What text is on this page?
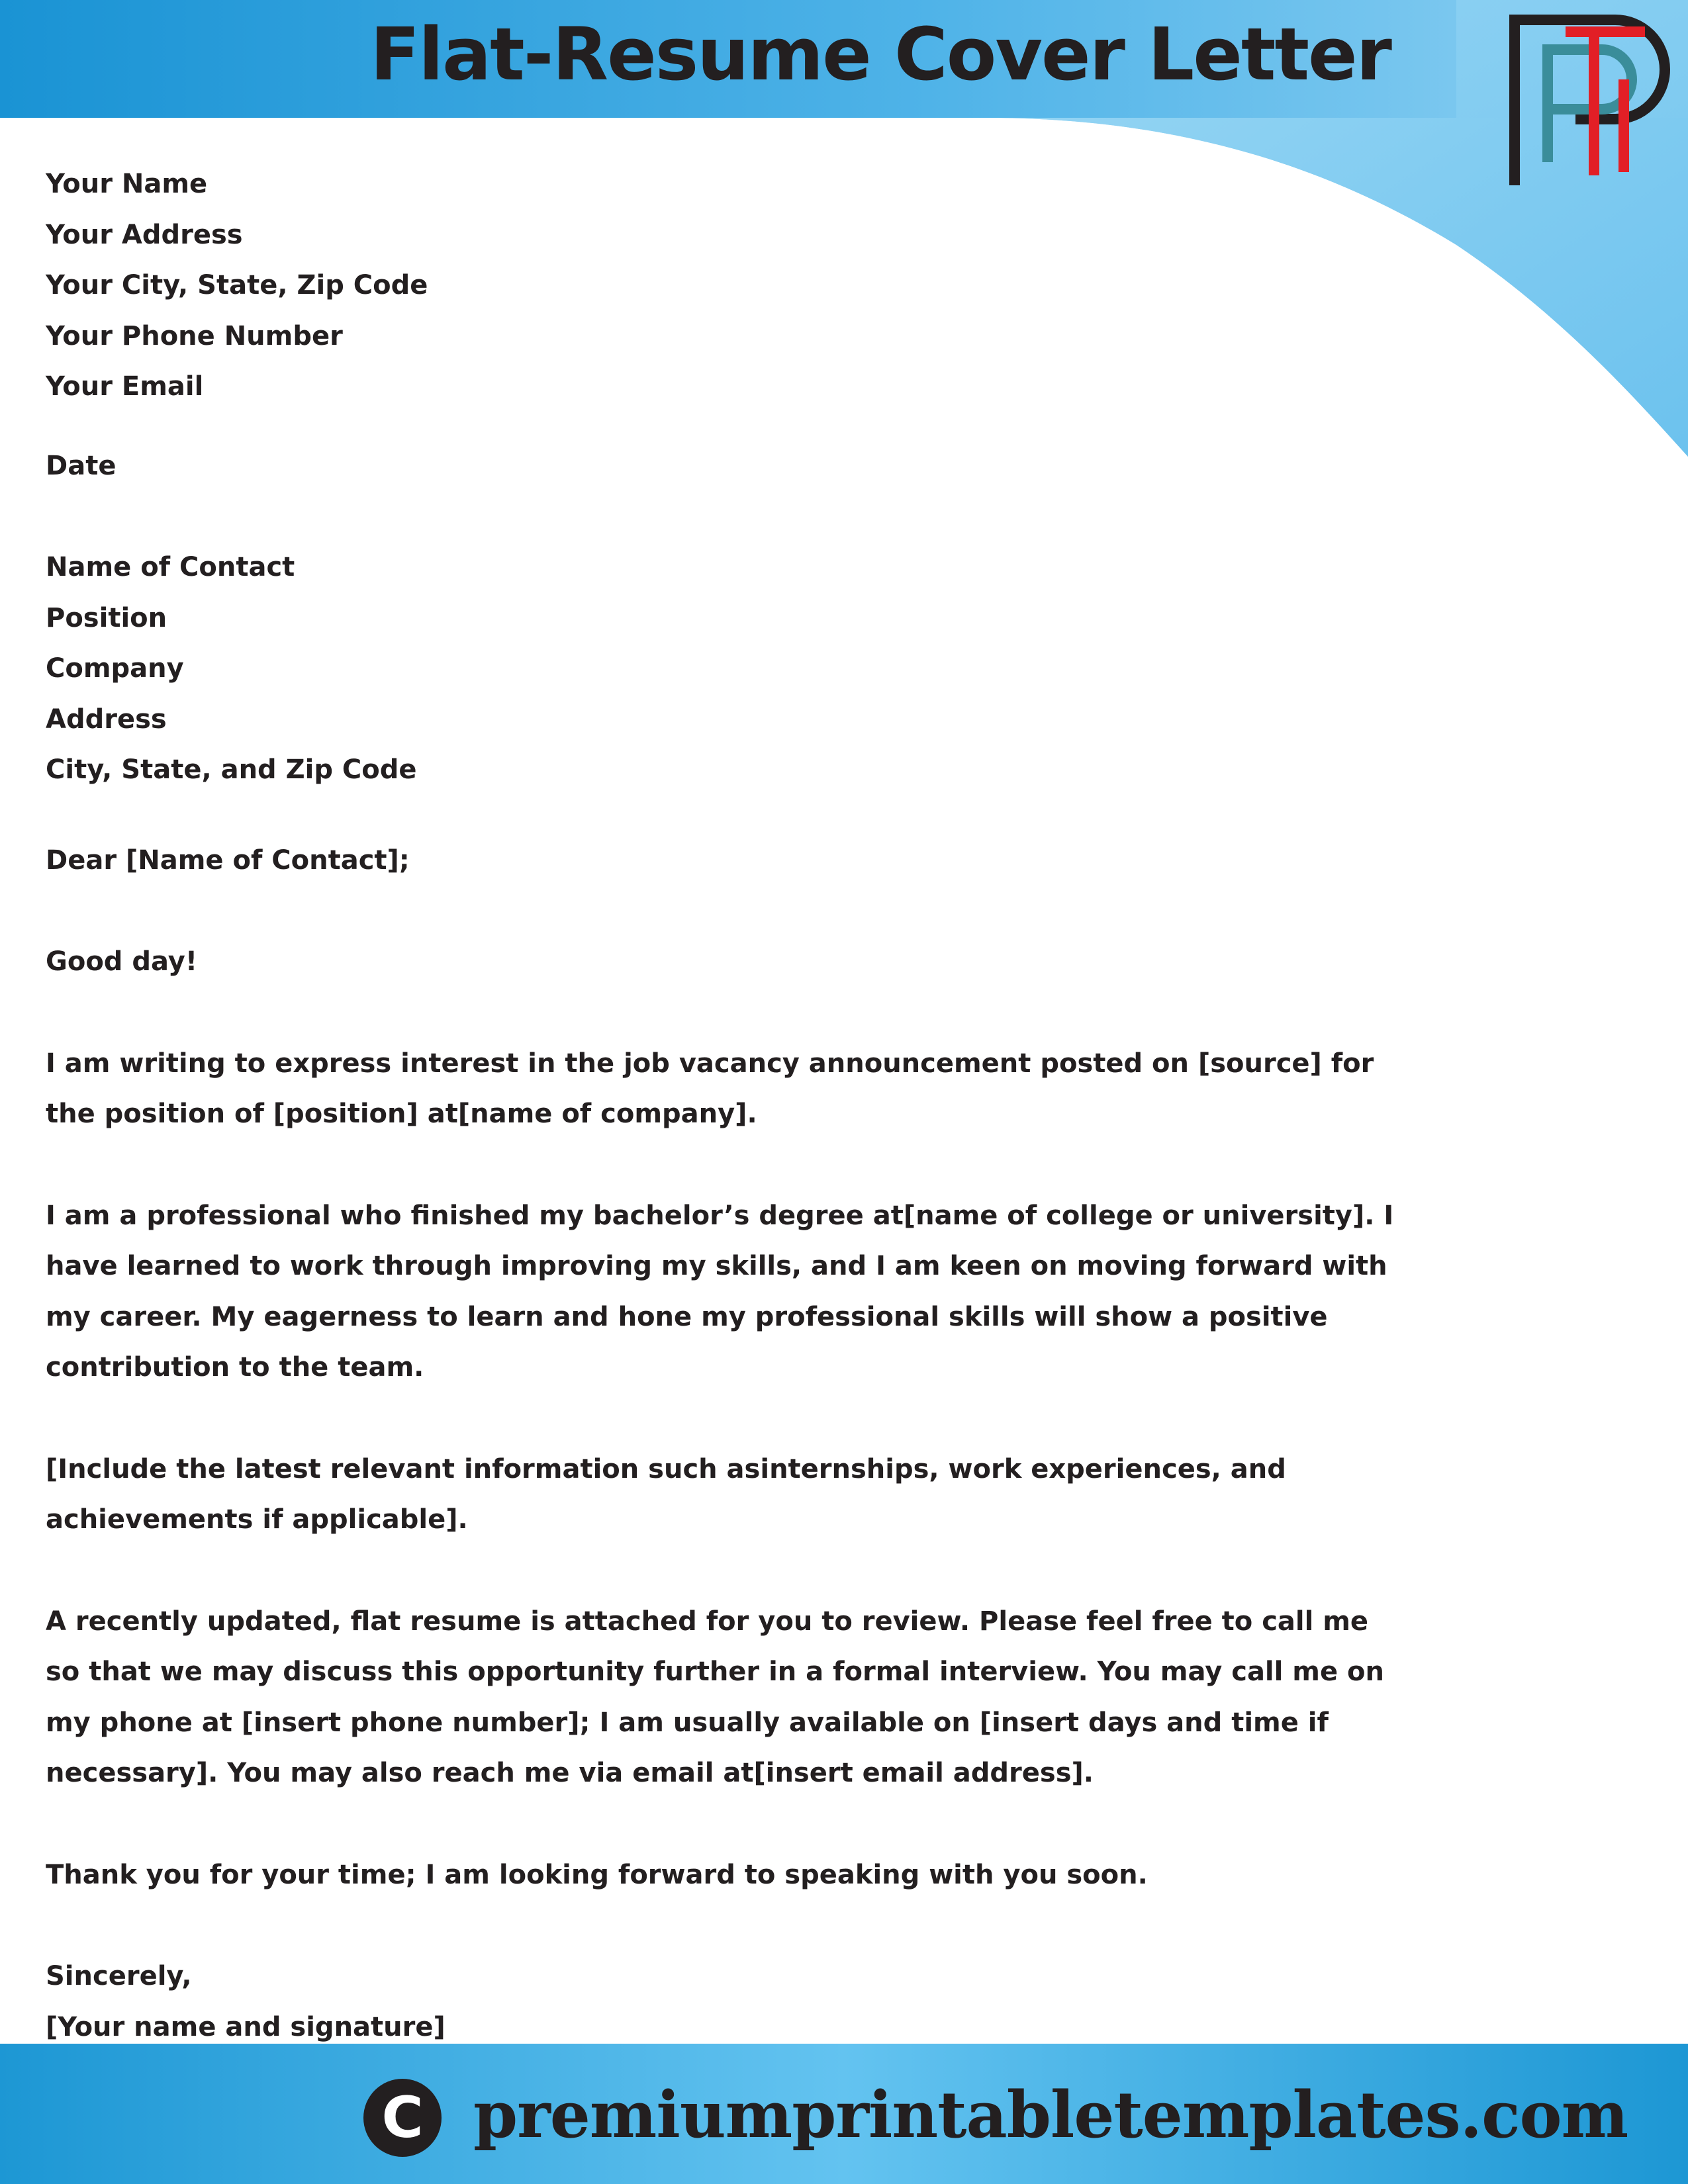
Flat-Resume Cover Letter

Your Name

Your Address

Your City, State, Zip Code

Your Phone Number

Your Email

Date

Name of Contact

Position

Company

Address

City, State, and Zip Code

Dear [Name of Contact];

Good day!

I am writing to express interest in the job vacancy announcement posted on [source] for the position of [position] at[name of company].

I am a professional who finished my bachelor’s degree at[name of college or university]. I have learned to work through improving my skills, and I am keen on moving forward with my career. My eagerness to learn and hone my professional skills will show a positive contribution to the team.

[Include the latest relevant information such asinternships, work experiences, and achievements if applicable].

A recently updated, flat resume is attached for you to review. Please feel free to call me so that we may discuss this opportunity further in a formal interview. You may call me on my phone at [insert phone number]; I am usually available on [insert days and time if necessary]. You may also reach me via email at[insert email address].

Thank you for your time; I am looking forward to speaking with you soon.

Sincerely,

[Your name and signature]

C premiumprintabletemplates.com
